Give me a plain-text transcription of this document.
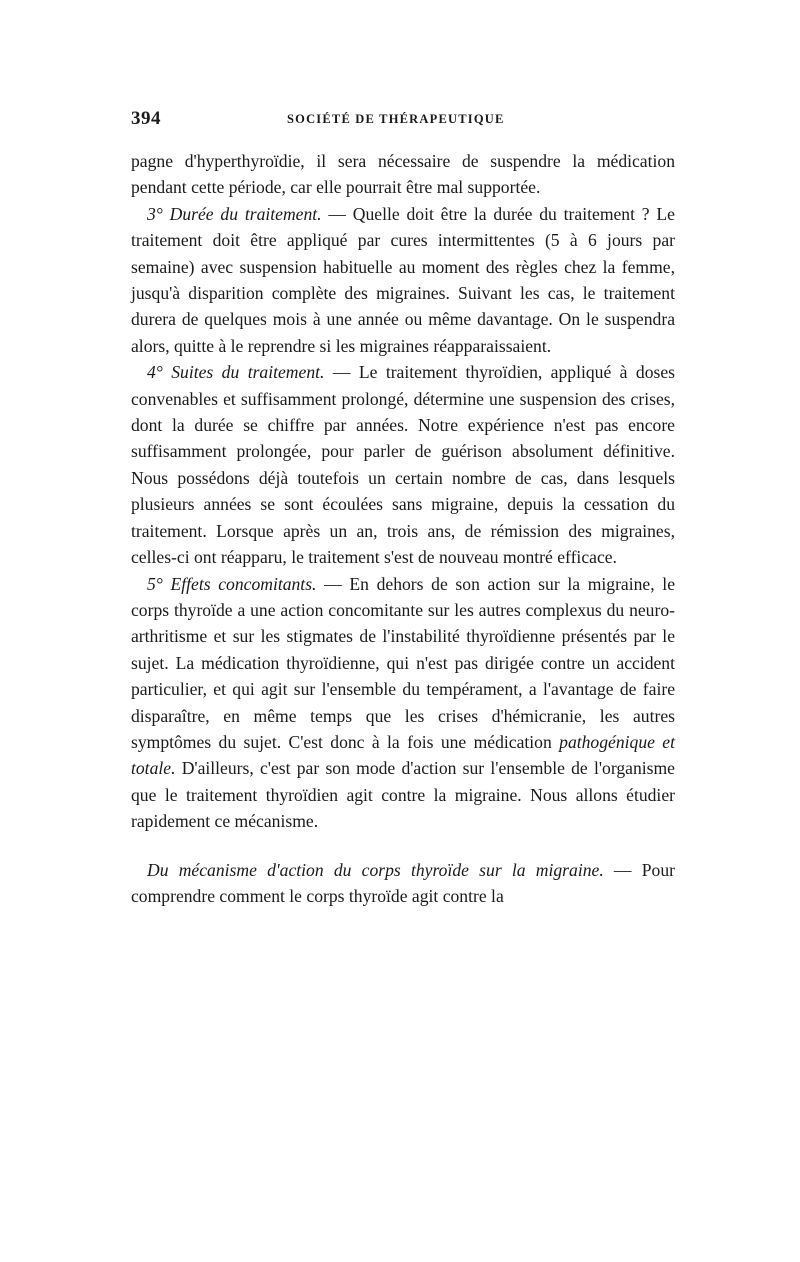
394	SOCIÉTÉ DE THÉRAPEUTIQUE

pagne d'hyperthyroïdie, il sera nécessaire de suspendre la médication pendant cette période, car elle pourrait être mal supportée.

3° Durée du traitement. — Quelle doit être la durée du traitement ? Le traitement doit être appliqué par cures intermittentes (5 à 6 jours par semaine) avec suspension habituelle au moment des règles chez la femme, jusqu'à disparition complète des migraines. Suivant les cas, le traitement durera de quelques mois à une année ou même davantage. On le suspendra alors, quitte à le reprendre si les migraines réapparaissaient.

4° Suites du traitement. — Le traitement thyroïdien, appliqué à doses convenables et suffisamment prolongé, détermine une suspension des crises, dont la durée se chiffre par années. Notre expérience n'est pas encore suffisamment prolongée, pour parler de guérison absolument définitive. Nous possédons déjà toutefois un certain nombre de cas, dans lesquels plusieurs années se sont écoulées sans migraine, depuis la cessation du traitement. Lorsque après un an, trois ans, de rémission des migraines, celles-ci ont réapparu, le traitement s'est de nouveau montré efficace.

5° Effets concomitants. — En dehors de son action sur la migraine, le corps thyroïde a une action concomitante sur les autres complexus du neuro-arthritisme et sur les stigmates de l'instabilité thyroïdienne présentés par le sujet. La médication thyroïdienne, qui n'est pas dirigée contre un accident particulier, et qui agit sur l'ensemble du tempérament, a l'avantage de faire disparaître, en même temps que les crises d'hémicranie, les autres symptômes du sujet. C'est donc à la fois une médication pathogénique et totale. D'ailleurs, c'est par son mode d'action sur l'ensemble de l'organisme que le traitement thyroïdien agit contre la migraine. Nous allons étudier rapidement ce mécanisme.

Du mécanisme d'action du corps thyroïde sur la migraine. — Pour comprendre comment le corps thyroïde agit contre la
